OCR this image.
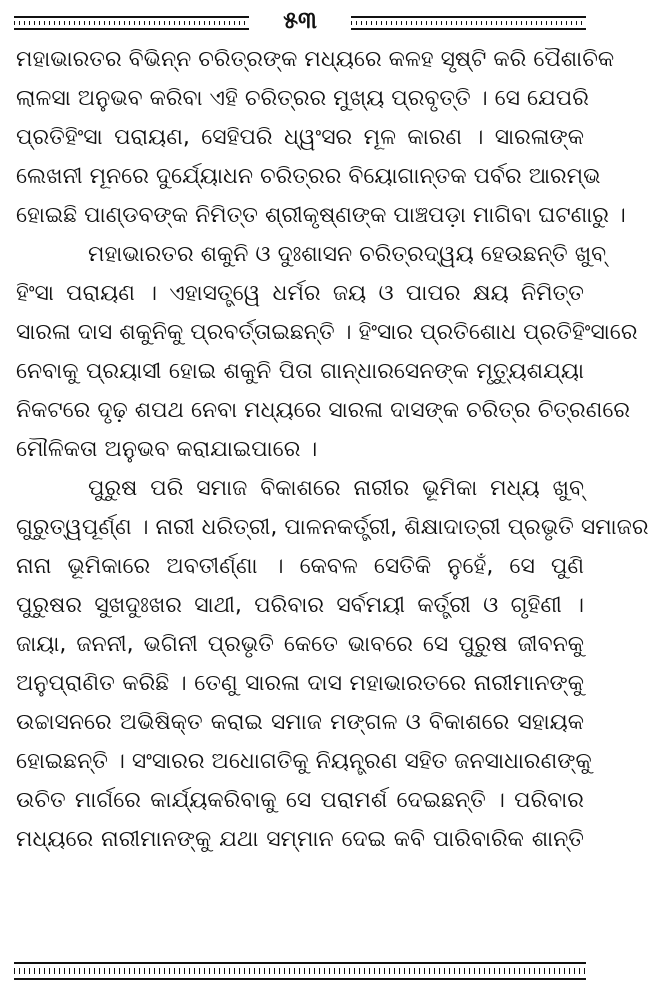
୫୩
ମହାଭାରତର ବିଭିନ୍ନ ଚରିତ୍ରଙ୍କ ମଧ୍ୟରେ କଳହ ସୃଷ୍ଟି କରି ପୈଶାଚିକ
ଲାଳସା ଅନୁଭବ କରିବା ଏହି ଚରିତ୍ରର ମୁଖ୍ୟ ପ୍ରବୃତ୍ତି । ସେ ଯେପରି
ପ୍ରତିହିଂସା ପରାୟଣ, ସେହିପରି ଧ୍ୱଂସର ମୂଳ କାରଣ । ସାରଳାଙ୍କ
ଲେଖନୀ ମୂନରେ ଦୁର୍ଯ୍ୟୋଧନ ଚରିତ୍ରର ବିୟୋଗାନ୍ତକ ପର୍ବର ଆରମ୍ଭ
ହୋଇଛି ପାଣ୍ଡବଙ୍କ ନିମିତ୍ତ ଶ୍ରୀକୃଷ୍ଣଙ୍କ ପାଞ୍ଚପଡ଼ା ମାଗିବା ଘଟଣାରୁ ।
ମହାଭାରତର ଶକୁନି ଓ ଦୁଃଶାସନ ଚରିତ୍ରଦ୍ୱୟ ହେଉଛନ୍ତି ଖୁବ୍
ହିଂସା ପରାୟଣ । ଏହାସତ୍ତ୍ୱେ ଧର୍ମର ଜୟ ଓ ପାପର କ୍ଷୟ ନିମିତ୍ତ
ସାରଳା ଦାସ ଶକୁନିକୁ ପ୍ରବର୍ତ୍ତାଇଛନ୍ତି । ହିଂସାର ପ୍ରତିଶୋଧ ପ୍ରତିହିଂସାରେ
ନେବାକୁ ପ୍ରୟାସୀ ହୋଇ ଶକୁନି ପିତା ଗାନ୍ଧାରସେନଙ୍କ ମୃତ୍ୟୁଶଯ୍ୟା
ନିକଟରେ ଦୃଢ଼ ଶପଥ ନେବା ମଧ୍ୟରେ ସାରଳା ଦାସଙ୍କ ଚରିତ୍ର ଚିତ୍ରଣରେ
ମୌଳିକତା ଅନୁଭବ କରାଯାଇପାରେ ।
ପୁରୁଷ ପରି ସମାଜ ବିକାଶରେ ନାରୀର ଭୂମିକା ମଧ୍ୟ ଖୁବ୍
ଗୁରୁତ୍ୱପୂର୍ଣ୍ଣ । ନାରୀ ଧରିତ୍ରୀ, ପାଳନକର୍ତ୍ତ୍ରୀ, ଶିକ୍ଷାଦାତ୍ରୀ ପ୍ରଭୃତି ସମାଜର
ନାନା ଭୂମିକାରେ ଅବତୀର୍ଣ୍ଣା । କେବଳ ସେତିକି ନୁହେଁ, ସେ ପୁଣି
ପୁରୁଷର ସୁଖଦୁଃଖର ସାଥୀ, ପରିବାର ସର୍ବମୟୀ କର୍ତ୍ତ୍ରୀ ଓ ଗୃହିଣୀ ।
ଜାୟା, ଜନନୀ, ଭଗିନୀ ପ୍ରଭୃତି କେତେ ଭାବରେ ସେ ପୁରୁଷ ଜୀବନକୁ
ଅନୁପ୍ରାଣିତ କରିଛି । ତେଣୁ ସାରଳା ଦାସ ମହାଭାରତରେ ନାରୀମାନଙ୍କୁ
ଉଚ୍ଚାସନରେ ଅଭିଷିକ୍ତ କରାଇ ସମାଜ ମଙ୍ଗଳ ଓ ବିକାଶରେ ସହାୟକ
ହୋଇଛନ୍ତି । ସଂସାରର ଅଧୋଗତିକୁ ନିୟନ୍ତ୍ରଣ ସହିତ ଜନସାଧାରଣଙ୍କୁ
ଉଚିତ ମାର୍ଗରେ କାର୍ଯ୍ୟକରିବାକୁ ସେ ପରାମର୍ଶ ଦେଇଛନ୍ତି । ପରିବାର
ମଧ୍ୟରେ ନାରୀମାନଙ୍କୁ ଯଥା ସମ୍ମାନ ଦେଇ କବି ପାରିବାରିକ ଶାନ୍ତି
